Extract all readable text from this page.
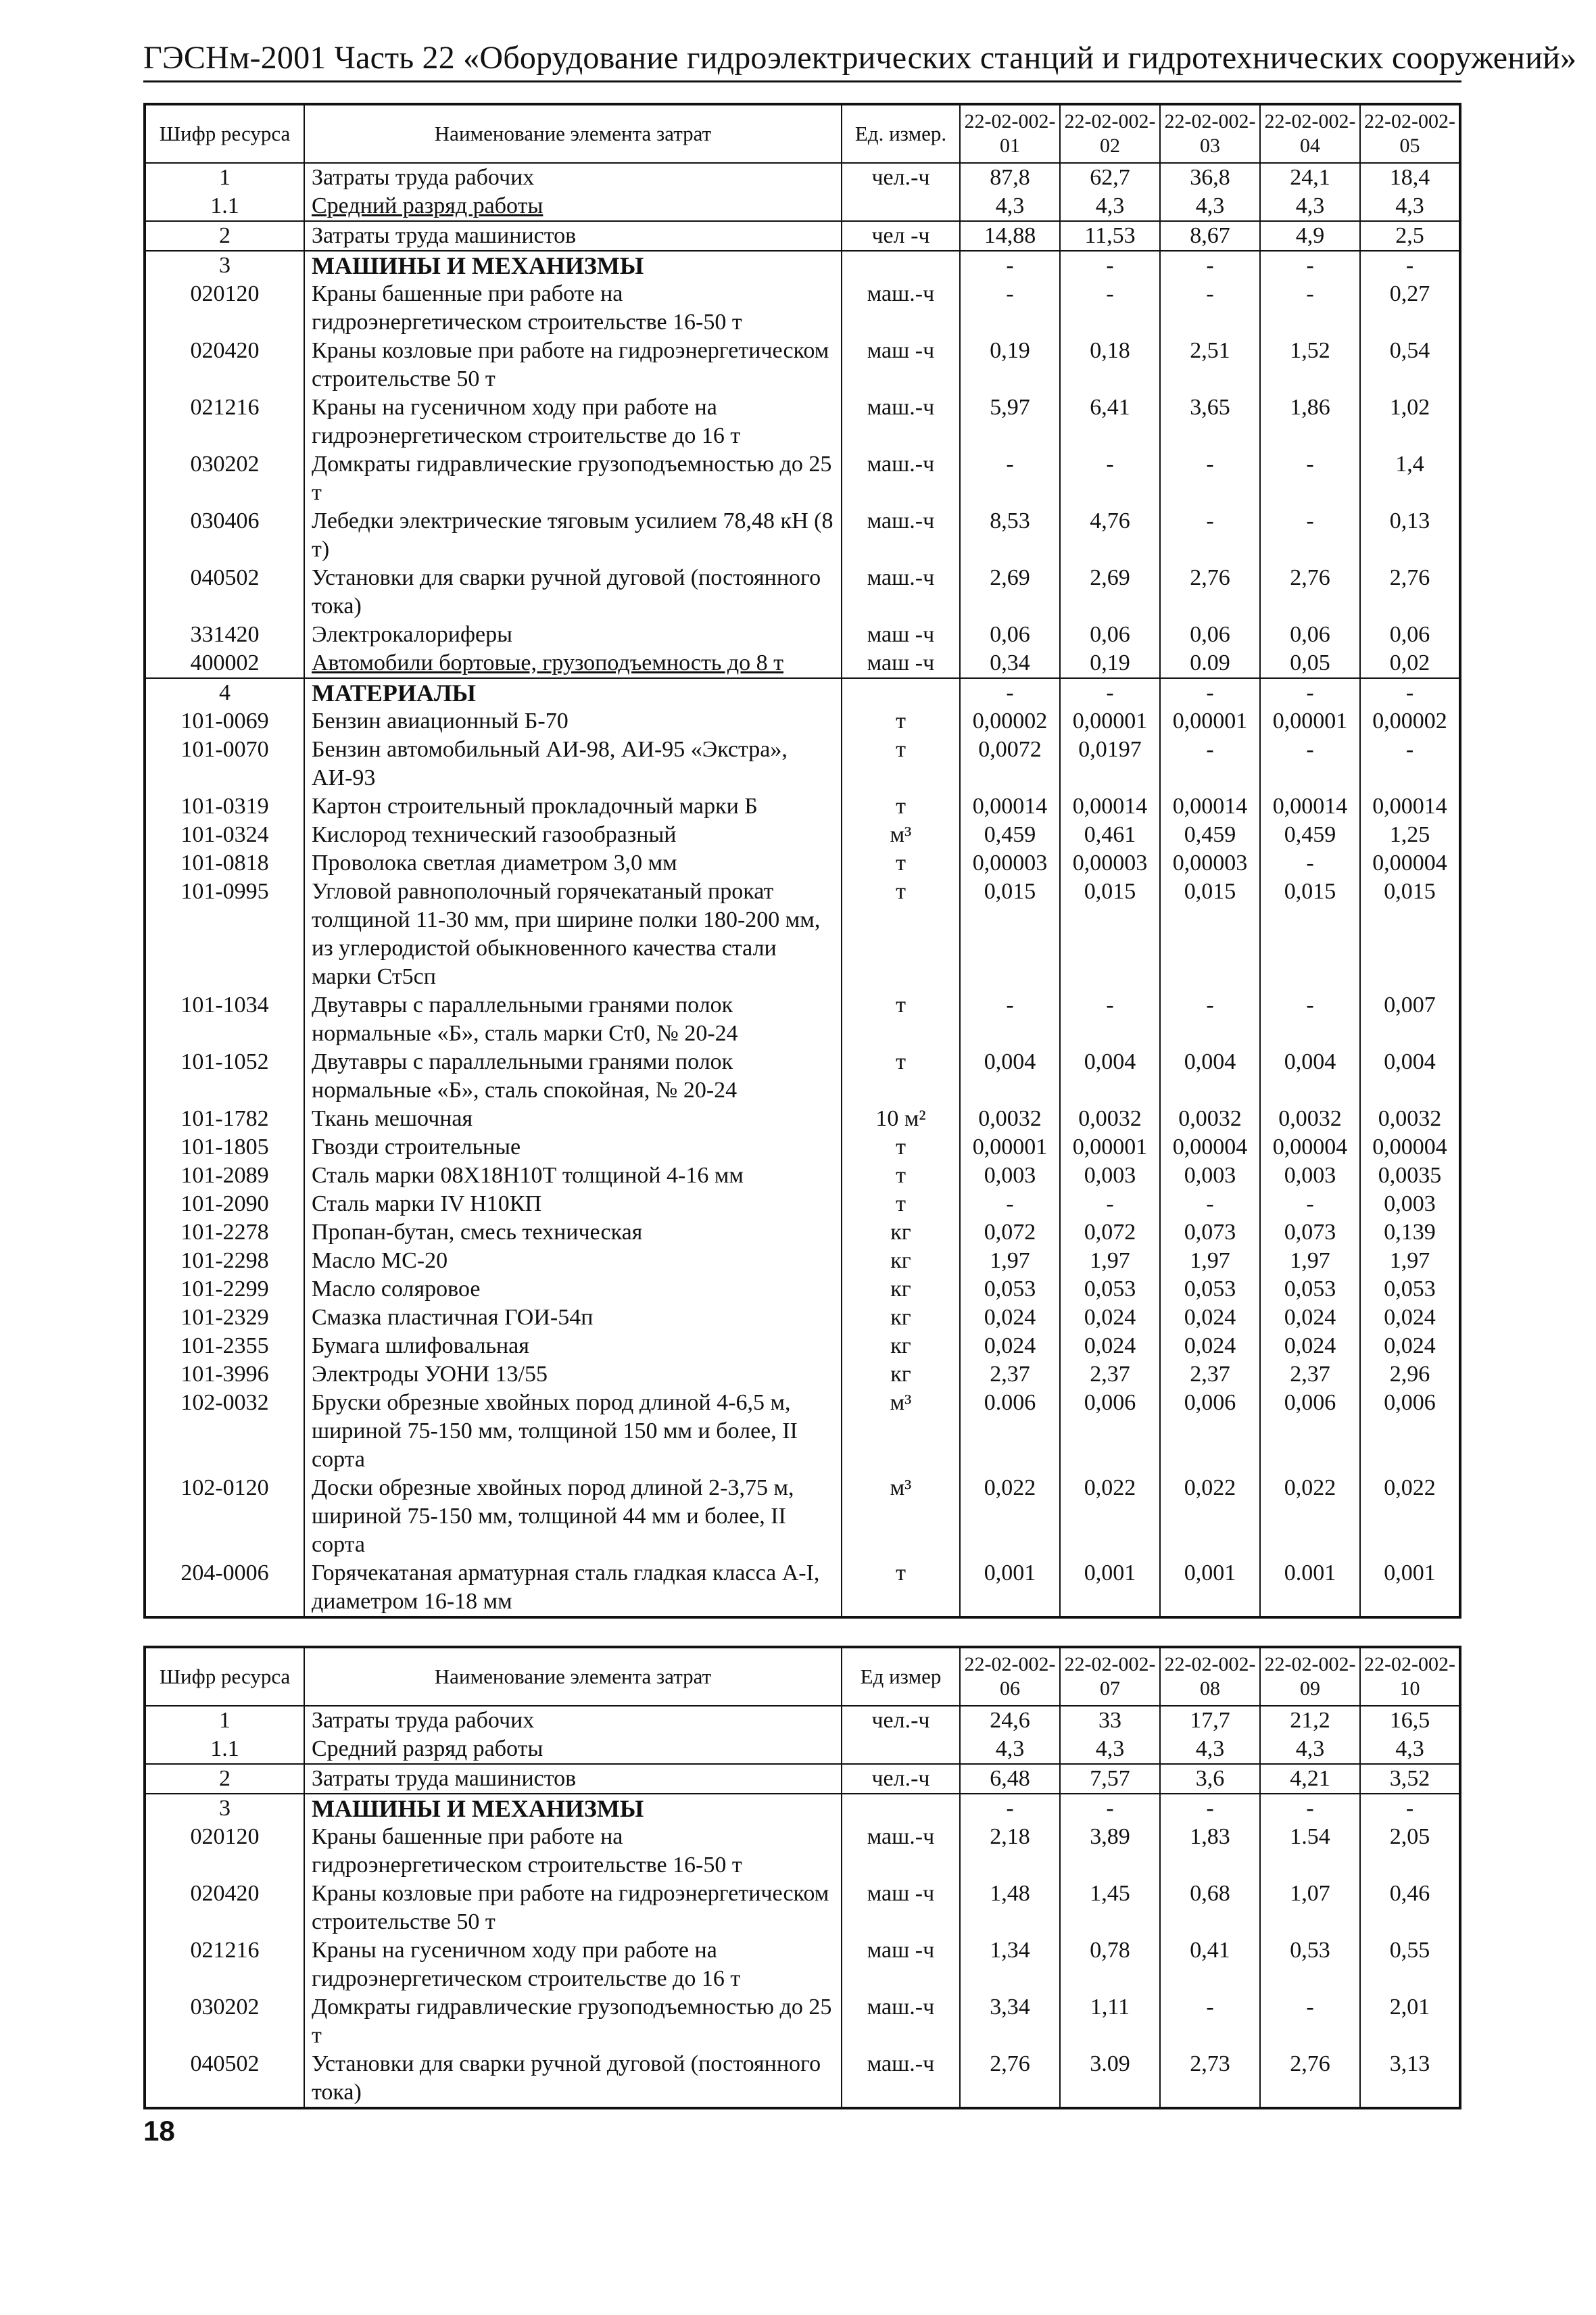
ГЭСНм-2001 Часть 22 «Оборудование гидроэлектрических станций и гидротехнических сооружений»
Шифр ресурса	Наименование элемента затрат	Ед. измер.	22-02-002-01	22-02-002-02	22-02-002-03	22-02-002-04	22-02-002-05
1	Затраты труда рабочих	чел.-ч	87,8	62,7	36,8	24,1	18,4
1.1	Средний разряд работы		4,3	4,3	4,3	4,3	4,3
2	Затраты труда машинистов	чел -ч	14,88	11,53	8,67	4,9	2,5
3	МАШИНЫ И МЕХАНИЗМЫ		-	-	-	-	-
020120	Краны башенные при работе на гидроэнергетическом строительстве 16-50 т	маш.-ч	-	-	-	-	0,27
020420	Краны козловые при работе на гидроэнергетическом строительстве 50 т	маш -ч	0,19	0,18	2,51	1,52	0,54
021216	Краны на гусеничном ходу при работе на гидроэнергетическом строительстве до 16 т	маш.-ч	5,97	6,41	3,65	1,86	1,02
030202	Домкраты гидравлические грузоподъемностью до 25 т	маш.-ч	-	-	-	-	1,4
030406	Лебедки электрические тяговым усилием 78,48 кН (8 т)	маш.-ч	8,53	4,76	-	-	0,13
040502	Установки для сварки ручной дуговой (постоянного тока)	маш.-ч	2,69	2,69	2,76	2,76	2,76
331420	Электрокалориферы	маш -ч	0,06	0,06	0,06	0,06	0,06
400002	Автомобили бортовые, грузоподъемность до 8 т	маш -ч	0,34	0,19	0.09	0,05	0,02
4	МАТЕРИАЛЫ		-	-	-	-	-
101-0069	Бензин авиационный Б-70	т	0,00002	0,00001	0,00001	0,00001	0,00002
101-0070	Бензин автомобильный АИ-98, АИ-95 «Экстра», АИ-93	т	0,0072	0,0197	-	-	-
101-0319	Картон строительный прокладочный марки Б	т	0,00014	0,00014	0,00014	0,00014	0,00014
101-0324	Кислород технический газообразный	м³	0,459	0,461	0,459	0,459	1,25
101-0818	Проволока светлая диаметром 3,0 мм	т	0,00003	0,00003	0,00003	-	0,00004
101-0995	Угловой равнополочный горячекатаный прокат толщиной 11-30 мм, при ширине полки 180-200 мм, из углеродистой обыкновенного качества стали марки Ст5сп	т	0,015	0,015	0,015	0,015	0,015
101-1034	Двутавры с параллельными гранями полок нормальные «Б», сталь марки Ст0, № 20-24	т	-	-	-	-	0,007
101-1052	Двутавры с параллельными гранями полок нормальные «Б», сталь спокойная, № 20-24	т	0,004	0,004	0,004	0,004	0,004
101-1782	Ткань мешочная	10 м²	0,0032	0,0032	0,0032	0,0032	0,0032
101-1805	Гвозди строительные	т	0,00001	0,00001	0,00004	0,00004	0,00004
101-2089	Сталь марки 08Х18Н10Т толщиной 4-16 мм	т	0,003	0,003	0,003	0,003	0,0035
101-2090	Сталь марки IV Н10КП	т	-	-	-	-	0,003
101-2278	Пропан-бутан, смесь техническая	кг	0,072	0,072	0,073	0,073	0,139
101-2298	Масло МС-20	кг	1,97	1,97	1,97	1,97	1,97
101-2299	Масло соляровое	кг	0,053	0,053	0,053	0,053	0,053
101-2329	Смазка пластичная ГОИ-54п	кг	0,024	0,024	0,024	0,024	0,024
101-2355	Бумага шлифовальная	кг	0,024	0,024	0,024	0,024	0,024
101-3996	Электроды УОНИ 13/55	кг	2,37	2,37	2,37	2,37	2,96
102-0032	Бруски обрезные хвойных пород длиной 4-6,5 м, шириной 75-150 мм, толщиной 150 мм и более, II сорта	м³	0.006	0,006	0,006	0,006	0,006
102-0120	Доски обрезные хвойных пород длиной 2-3,75 м, шириной 75-150 мм, толщиной 44 мм и более, II сорта	м³	0,022	0,022	0,022	0,022	0,022
204-0006	Горячекатаная арматурная сталь гладкая класса А-I, диаметром 16-18 мм	т	0,001	0,001	0,001	0.001	0,001
Шифр ресурса	Наименование элемента затрат	Ед измер	22-02-002-06	22-02-002-07	22-02-002-08	22-02-002-09	22-02-002-10
1	Затраты труда рабочих	чел.-ч	24,6	33	17,7	21,2	16,5
1.1	Средний разряд работы		4,3	4,3	4,3	4,3	4,3
2	Затраты труда машинистов	чел.-ч	6,48	7,57	3,6	4,21	3,52
3	МАШИНЫ И МЕХАНИЗМЫ		-	-	-	-	-
020120	Краны башенные при работе на гидроэнергетическом строительстве 16-50 т	маш.-ч	2,18	3,89	1,83	1.54	2,05
020420	Краны козловые при работе на гидроэнергетическом строительстве 50 т	маш -ч	1,48	1,45	0,68	1,07	0,46
021216	Краны на гусеничном ходу при работе на гидроэнергетическом строительстве до 16 т	маш -ч	1,34	0,78	0,41	0,53	0,55
030202	Домкраты гидравлические грузоподъемностью до 25 т	маш.-ч	3,34	1,11	-	-	2,01
040502	Установки для сварки ручной дуговой (постоянного тока)	маш.-ч	2,76	3.09	2,73	2,76	3,13
18
